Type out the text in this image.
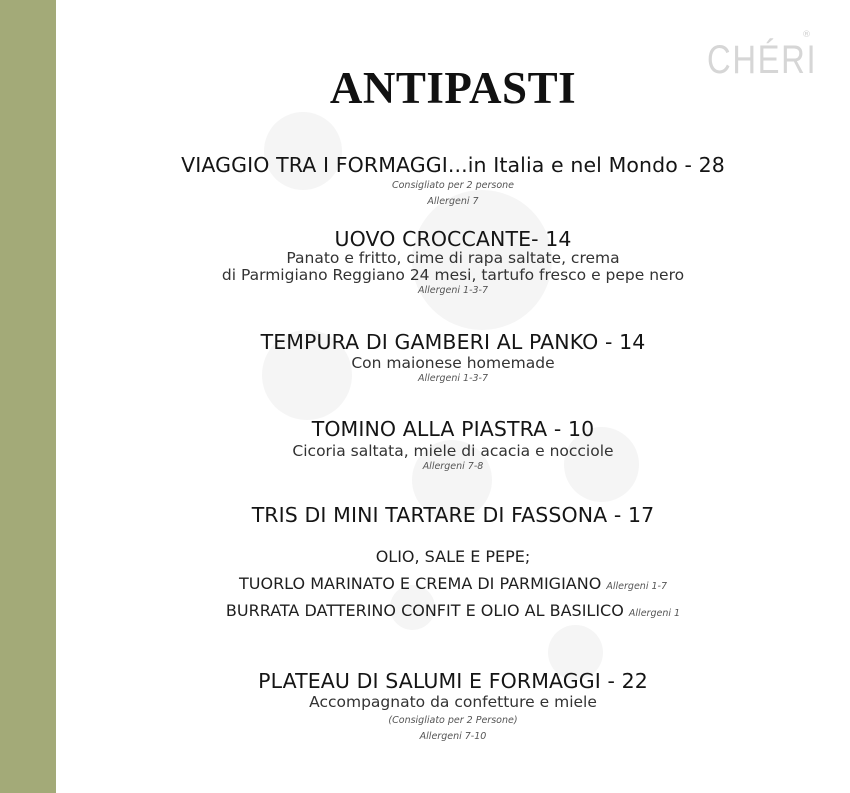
CHÉRI
®
ANTIPASTI
VIAGGIO TRA I FORMAGGI...in Italia e nel Mondo - 28
Consigliato per 2 persone
Allergeni 7
UOVO CROCCANTE- 14
Panato e fritto, cime di rapa saltate, crema
di Parmigiano Reggiano 24 mesi, tartufo fresco e pepe nero
Allergeni 1-3-7
TEMPURA DI GAMBERI AL PANKO - 14
Con maionese homemade
Allergeni 1-3-7
TOMINO ALLA PIASTRA - 10
Cicoria saltata, miele di acacia e nocciole
Allergeni 7-8
TRIS DI MINI TARTARE DI FASSONA - 17
OLIO, SALE E PEPE;
TUORLO MARINATO E CREMA DI PARMIGIANO Allergeni 1-7
BURRATA DATTERINO CONFIT E OLIO AL BASILICO Allergeni 1
PLATEAU DI SALUMI E FORMAGGI - 22
Accompagnato da confetture e miele
(Consigliato per 2 Persone)
Allergeni 7-10
